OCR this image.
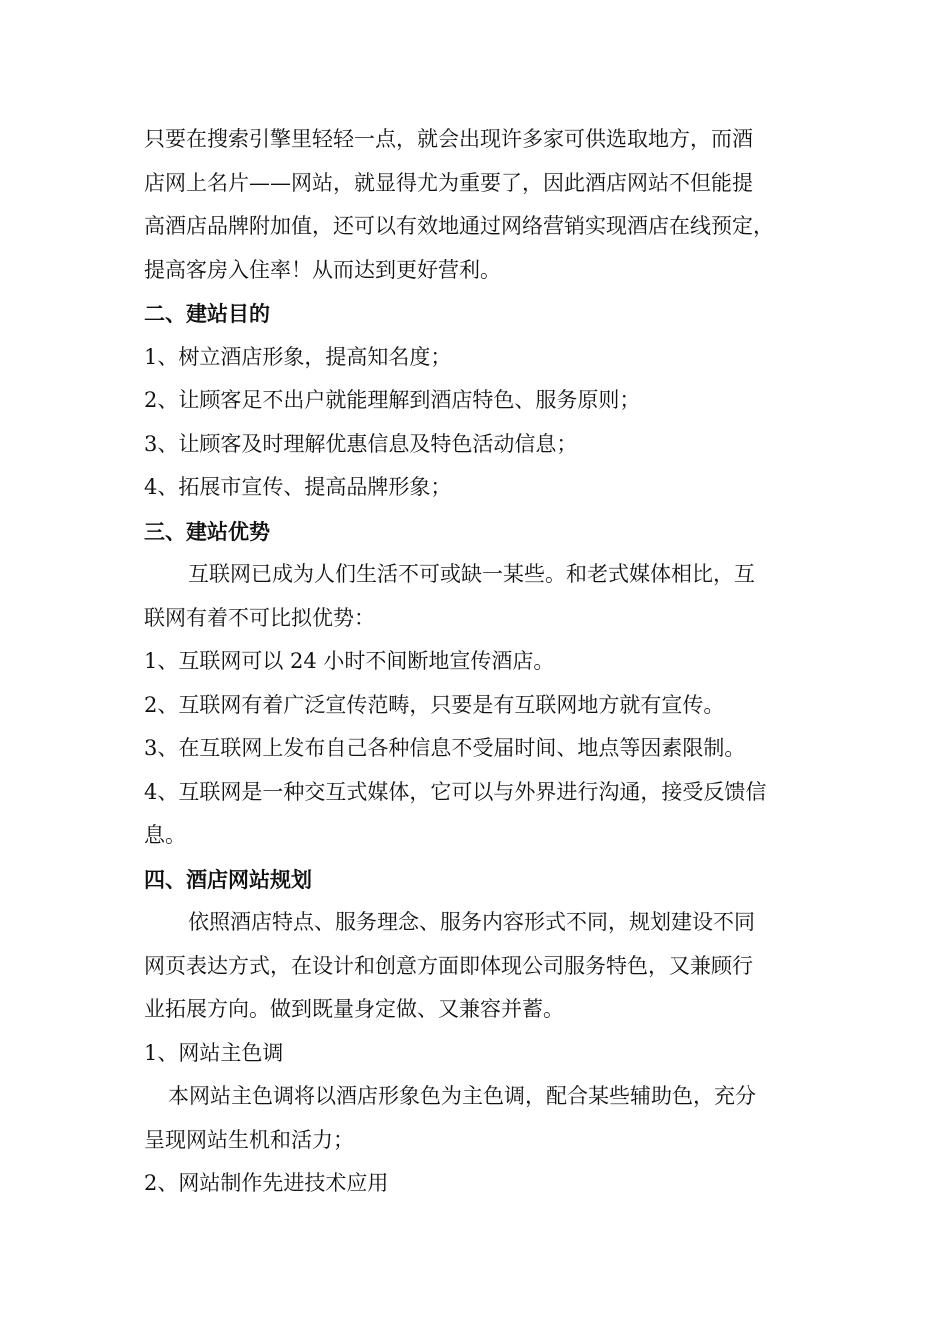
只要在搜索引擎里轻轻一点，就会出现许多家可供选取地方，而酒
店网上名片——网站，就显得尤为重要了，因此酒店网站不但能提
高酒店品牌附加值，还可以有效地通过网络营销实现酒店在线预定，
提高客房入住率！从而达到更好营利。
二、建站目的
1、树立酒店形象，提高知名度；
2、让顾客足不出户就能理解到酒店特色、服务原则；
3、让顾客及时理解优惠信息及特色活动信息；
4、拓展市宣传、提高品牌形象；
三、建站优势
互联网已成为人们生活不可或缺一某些。和老式媒体相比，互
联网有着不可比拟优势：
1、互联网可以 24 小时不间断地宣传酒店。
2、互联网有着广泛宣传范畴，只要是有互联网地方就有宣传。
3、在互联网上发布自己各种信息不受届时间、地点等因素限制。
4、互联网是一种交互式媒体，它可以与外界进行沟通，接受反馈信
息。
四、酒店网站规划
依照酒店特点、服务理念、服务内容形式不同，规划建设不同
网页表达方式，在设计和创意方面即体现公司服务特色，又兼顾行
业拓展方向。做到既量身定做、又兼容并蓄。
1、网站主色调
本网站主色调将以酒店形象色为主色调，配合某些辅助色，充分
呈现网站生机和活力；
2、网站制作先进技术应用
